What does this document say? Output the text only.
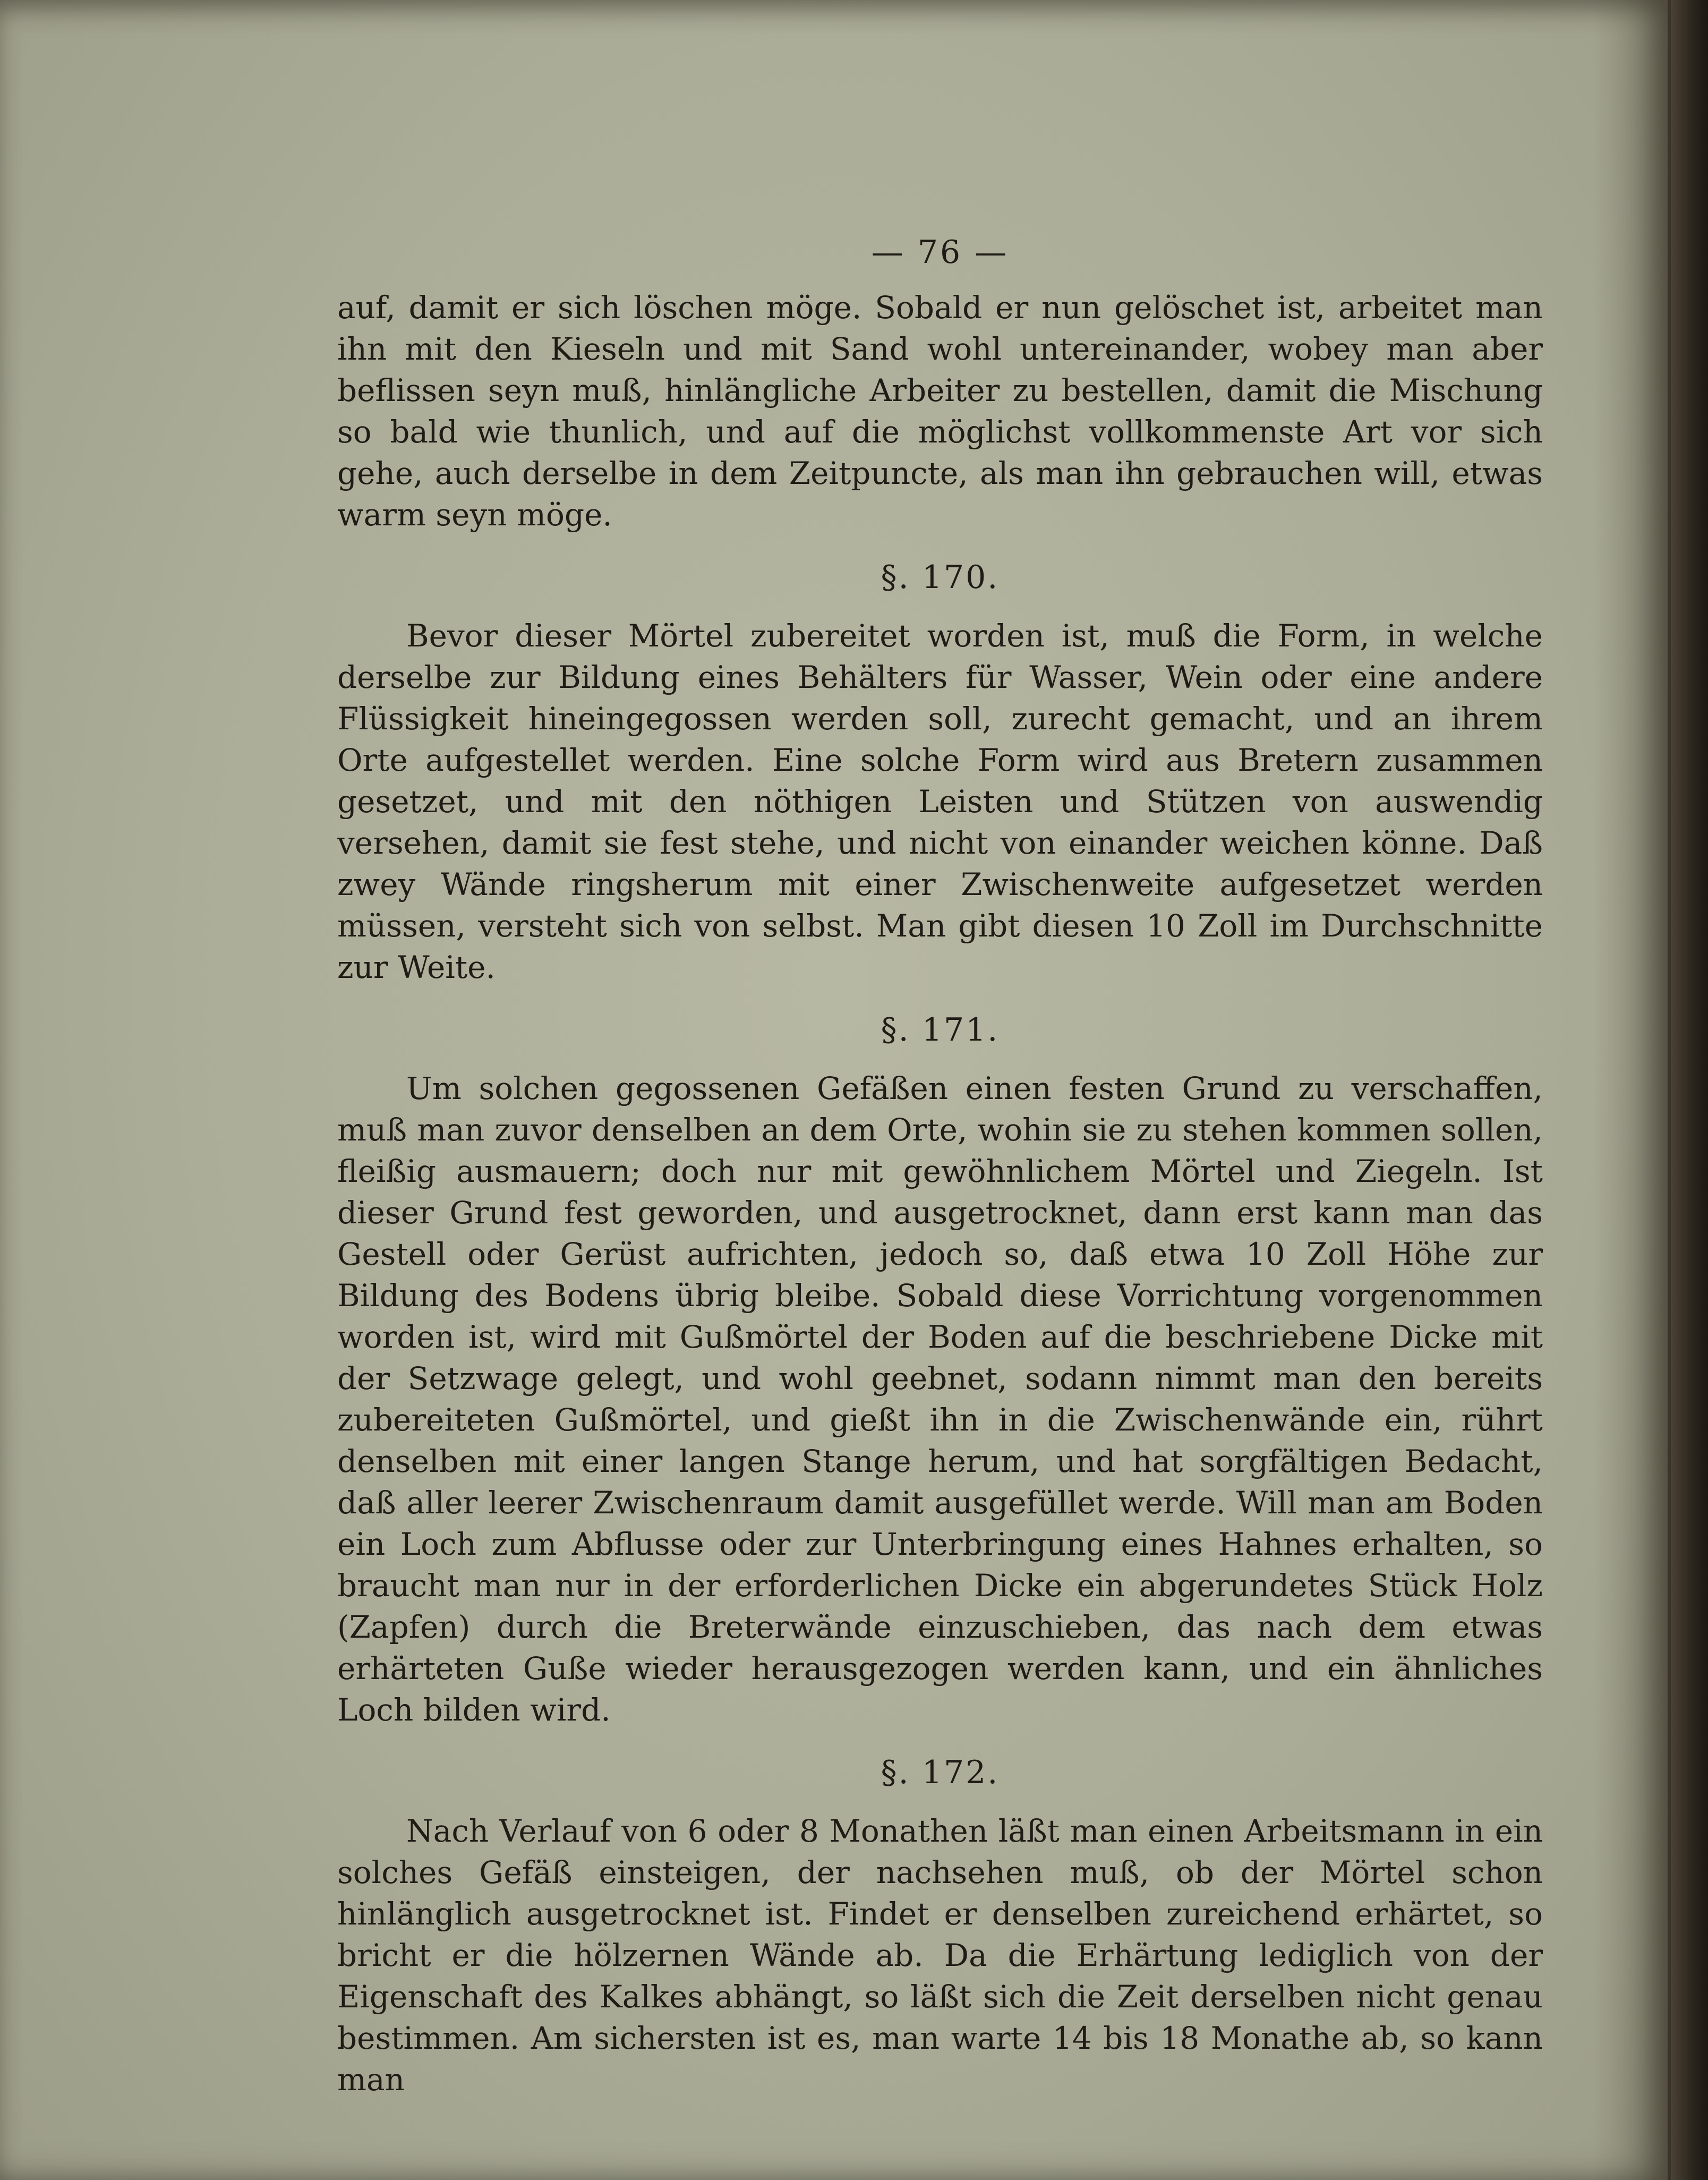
— 76 —

auf, damit er sich löschen möge. Sobald er nun gelöschet ist, arbeitet man ihn mit den Kieseln und mit Sand wohl untereinander, wobey man aber beflissen seyn muß, hinlängliche Arbeiter zu bestellen, damit die Mischung so bald wie thunlich, und auf die möglichst vollkommenste Art vor sich gehe, auch derselbe in dem Zeitpuncte, als man ihn gebrauchen will, etwas warm seyn möge.

§. 170.

Bevor dieser Mörtel zubereitet worden ist, muß die Form, in welche derselbe zur Bildung eines Behälters für Wasser, Wein oder eine andere Flüssigkeit hineingegossen werden soll, zurecht gemacht, und an ihrem Orte aufgestellet werden. Eine solche Form wird aus Bretern zusammen gesetzet, und mit den nöthigen Leisten und Stützen von auswendig versehen, damit sie fest stehe, und nicht von einander weichen könne. Daß zwey Wände ringsherum mit einer Zwischenweite aufgesetzet werden müssen, versteht sich von selbst. Man gibt diesen 10 Zoll im Durchschnitte zur Weite.

§. 171.

Um solchen gegossenen Gefäßen einen festen Grund zu verschaffen, muß man zuvor denselben an dem Orte, wohin sie zu stehen kommen sollen, fleißig ausmauern; doch nur mit gewöhnlichem Mörtel und Ziegeln. Ist dieser Grund fest geworden, und ausgetrocknet, dann erst kann man das Gestell oder Gerüst aufrichten, jedoch so, daß etwa 10 Zoll Höhe zur Bildung des Bodens übrig bleibe. Sobald diese Vorrichtung vorgenommen worden ist, wird mit Gußmörtel der Boden auf die beschriebene Dicke mit der Setzwage gelegt, und wohl geebnet, sodann nimmt man den bereits zubereiteten Gußmörtel, und gießt ihn in die Zwischenwände ein, rührt denselben mit einer langen Stange herum, und hat sorgfältigen Bedacht, daß aller leerer Zwischenraum damit ausgefüllet werde. Will man am Boden ein Loch zum Abflusse oder zur Unterbringung eines Hahnes erhalten, so braucht man nur in der erforderlichen Dicke ein abgerundetes Stück Holz (Zapfen) durch die Breterwände einzuschieben, das nach dem etwas erhärteten Guße wieder herausgezogen werden kann, und ein ähnliches Loch bilden wird.

§. 172.

Nach Verlauf von 6 oder 8 Monathen läßt man einen Arbeitsmann in ein solches Gefäß einsteigen, der nachsehen muß, ob der Mörtel schon hinlänglich ausgetrocknet ist. Findet er denselben zureichend erhärtet, so bricht er die hölzernen Wände ab. Da die Erhärtung lediglich von der Eigenschaft des Kalkes abhängt, so läßt sich die Zeit derselben nicht genau bestimmen. Am sichersten ist es, man warte 14 bis 18 Monathe ab, so kann man
